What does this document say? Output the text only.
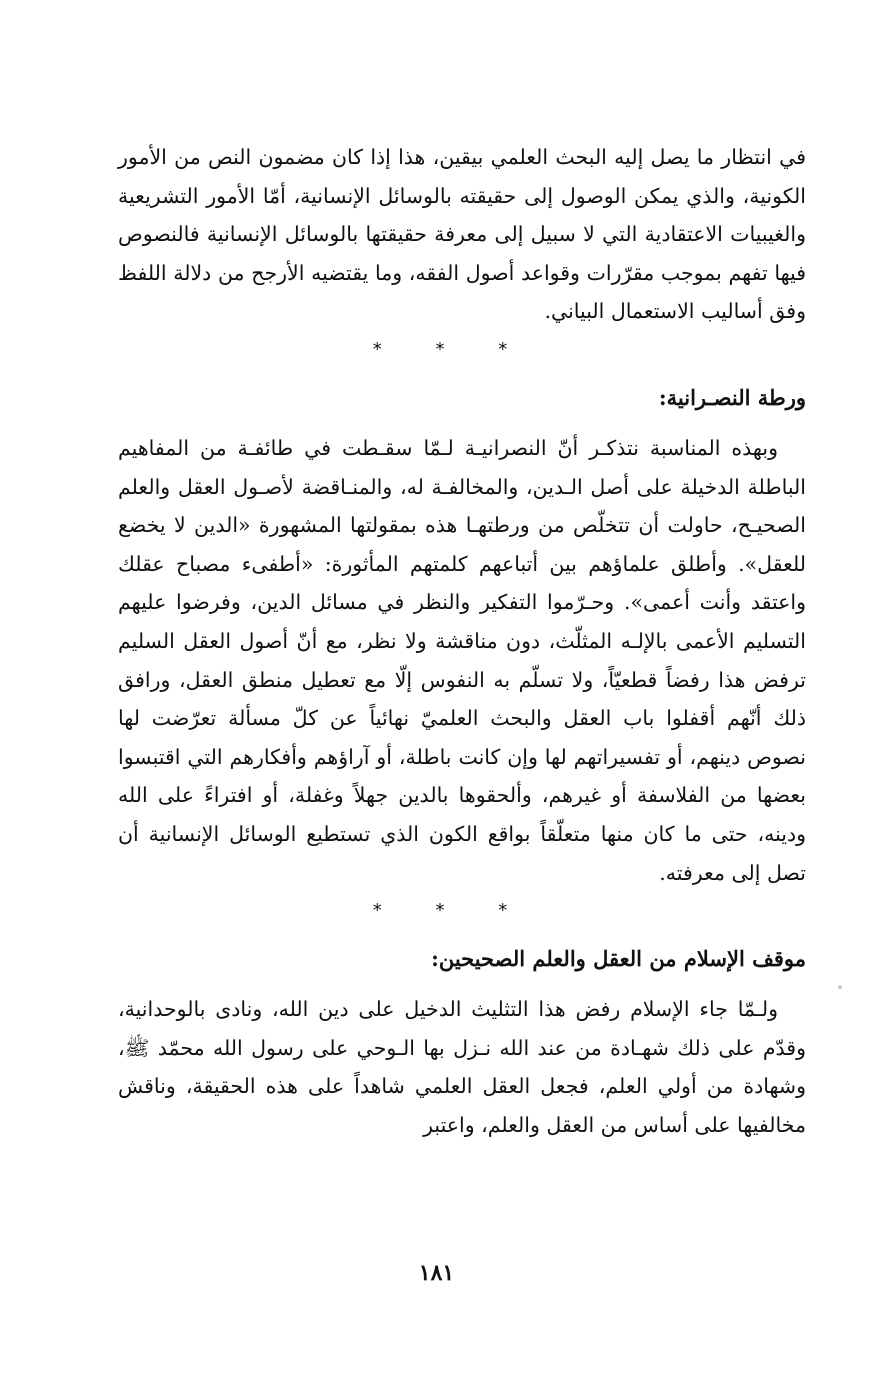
في انتظار ما يصل إليه البحث العلمي بيقين، هذا إذا كان مضمون النص من الأمور الكونية، والذي يمكن الوصول إلى حقيقته بالوسائل الإنسانية، أمّا الأمور التشريعية والغيبيات الاعتقادية التي لا سبيل إلى معرفة حقيقتها بالوسائل الإنسانية فالنصوص فيها تفهم بموجب مقرّرات وقواعد أصول الفقه، وما يقتضيه الأرجح من دلالة اللفظ وفق أساليب الاستعمال البياني.

* * *
ورطة النصـرانية:

وبهذه المناسبة نتذكـر أنّ النصرانيـة لـمّا سقـطت في طائفـة من المفاهيم الباطلة الدخيلة على أصل الـدين، والمخالفـة له، والمنـاقضة لأصـول العقل والعلم الصحيـح، حاولت أن تتخلّص من ورطتهـا هذه بمقولتها المشهورة «الدين لا يخضع للعقل». وأطلق علماؤهم بين أتباعهم كلمتهم المأثورة: «أطفىء مصباح عقلك واعتقد وأنت أعمى». وحـرّموا التفكير والنظر في مسائل الدين، وفرضوا عليهم التسليم الأعمى بالإلـه المثلّث، دون مناقشة ولا نظر، مع أنّ أصول العقل السليم ترفض هذا رفضاً قطعيّاً، ولا تسلّم به النفوس إلّا مع تعطيل منطق العقل، ورافق ذلك أنّهم أقفلوا باب العقل والبحث العلميّ نهائياً عن كلّ مسألة تعرّضت لها نصوص دينهم، أو تفسيراتهم لها وإن كانت باطلة، أو آراؤهم وأفكارهم التي اقتبسوا بعضها من الفلاسفة أو غيرهم، وألحقوها بالدين جهلاً وغفلة، أو افتراءً على الله ودينه، حتى ما كان منها متعلّقاً بواقع الكون الذي تستطيع الوسائل الإنسانية أن تصل إلى معرفته.

* * *
موقف الإسلام من العقل والعلم الصحيحين:

ولـمّا جاء الإسلام رفض هذا التثليث الدخيل على دين الله، ونادى بالوحدانية، وقدّم على ذلك شهـادة من عند الله نـزل بها الـوحي على رسول الله محمّد ﷺ، وشهادة من أولي العلم، فجعل العقل العلمي شاهداً على هذه الحقيقة، وناقش مخالفيها على أساس من العقل والعلم، واعتبر

١٨١
